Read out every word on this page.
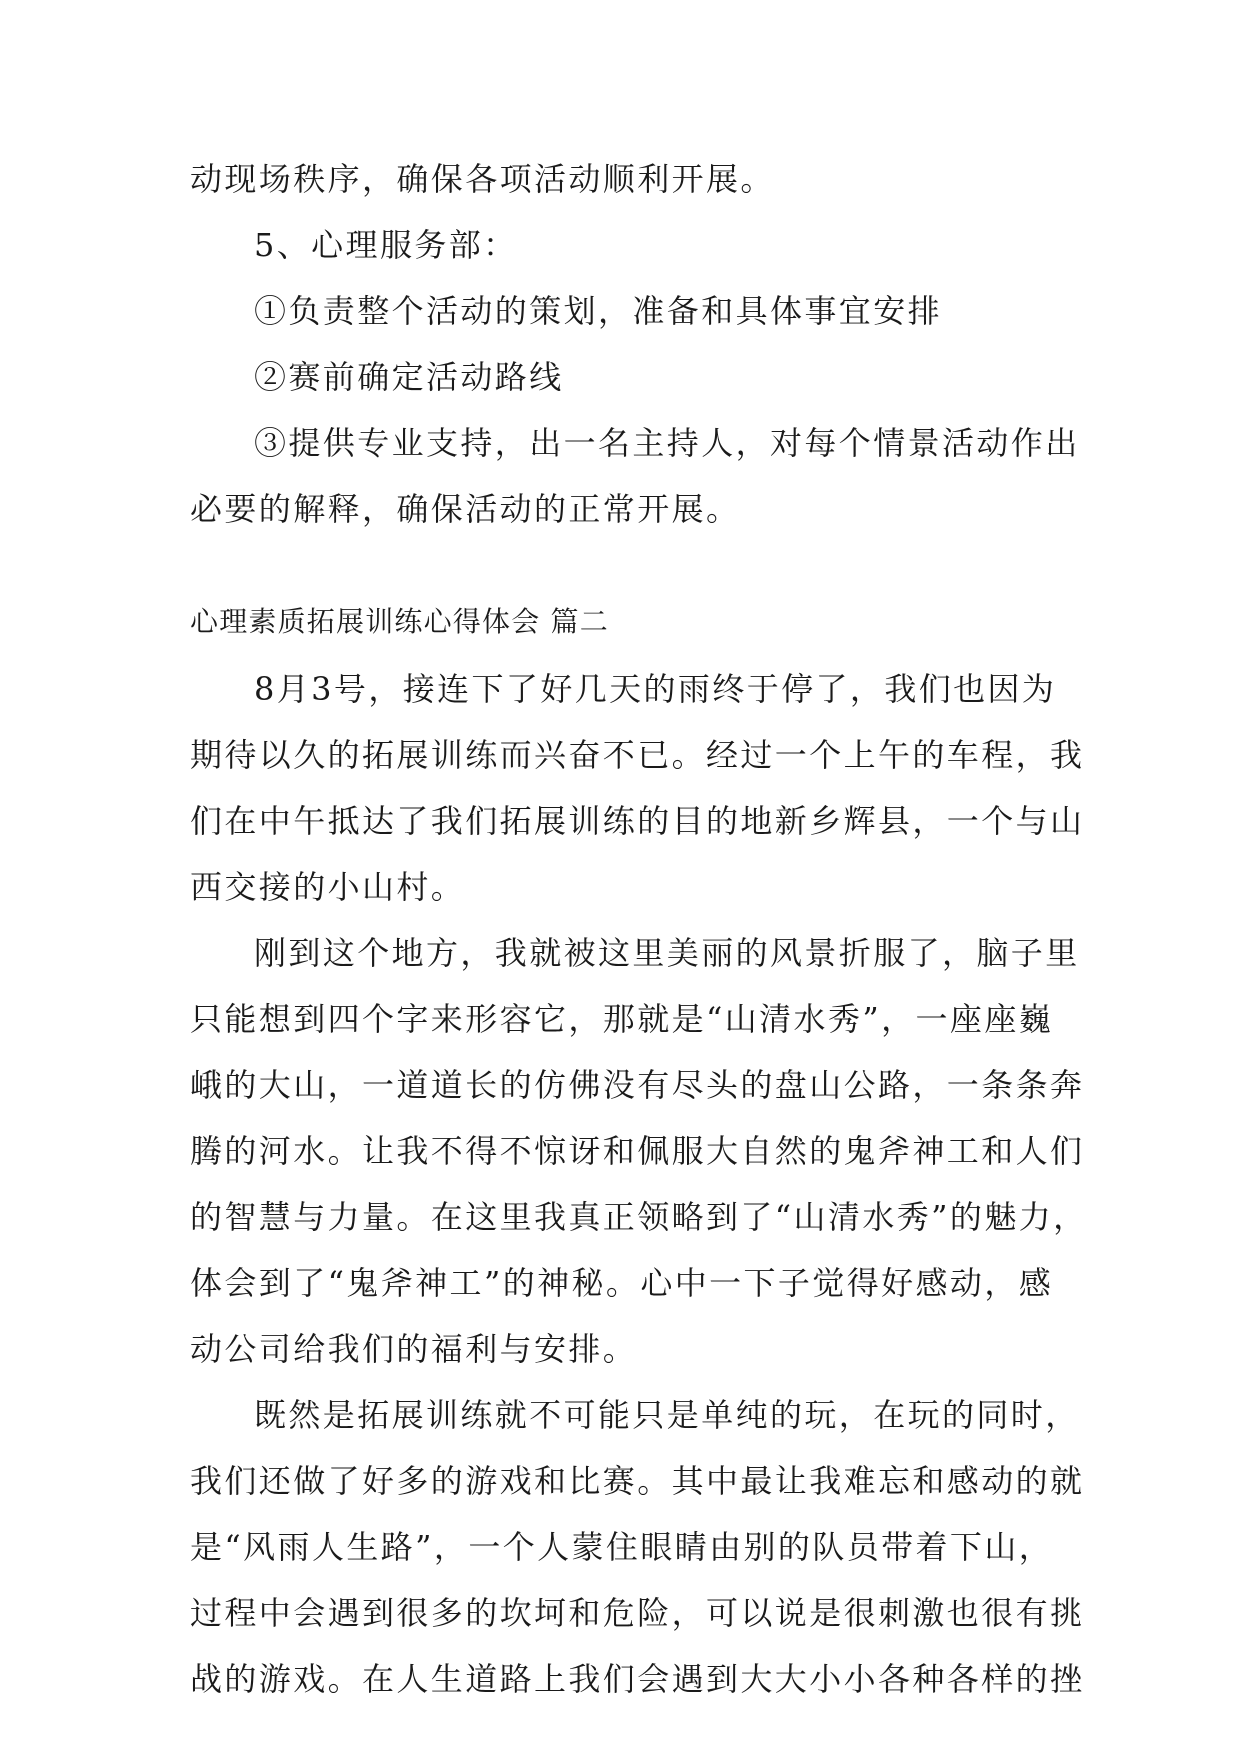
动现场秩序，确保各项活动顺利开展。
5、心理服务部：
①负责整个活动的策划，准备和具体事宜安排
②赛前确定活动路线
③提供专业支持，出一名主持人，对每个情景活动作出
必要的解释，确保活动的正常开展。
心理素质拓展训练心得体会 篇二
8月3号，接连下了好几天的雨终于停了，我们也因为
期待以久的拓展训练而兴奋不已。经过一个上午的车程，我
们在中午抵达了我们拓展训练的目的地新乡辉县，一个与山
西交接的小山村。
刚到这个地方，我就被这里美丽的风景折服了，脑子里
只能想到四个字来形容它，那就是“山清水秀”，一座座巍
峨的大山，一道道长的仿佛没有尽头的盘山公路，一条条奔
腾的河水。让我不得不惊讶和佩服大自然的鬼斧神工和人们
的智慧与力量。在这里我真正领略到了“山清水秀”的魅力，
体会到了“鬼斧神工”的神秘。心中一下子觉得好感动，感
动公司给我们的福利与安排。
既然是拓展训练就不可能只是单纯的玩，在玩的同时，
我们还做了好多的游戏和比赛。其中最让我难忘和感动的就
是“风雨人生路”，一个人蒙住眼睛由别的队员带着下山，
过程中会遇到很多的坎坷和危险，可以说是很刺激也很有挑
战的游戏。在人生道路上我们会遇到大大小小各种各样的挫
